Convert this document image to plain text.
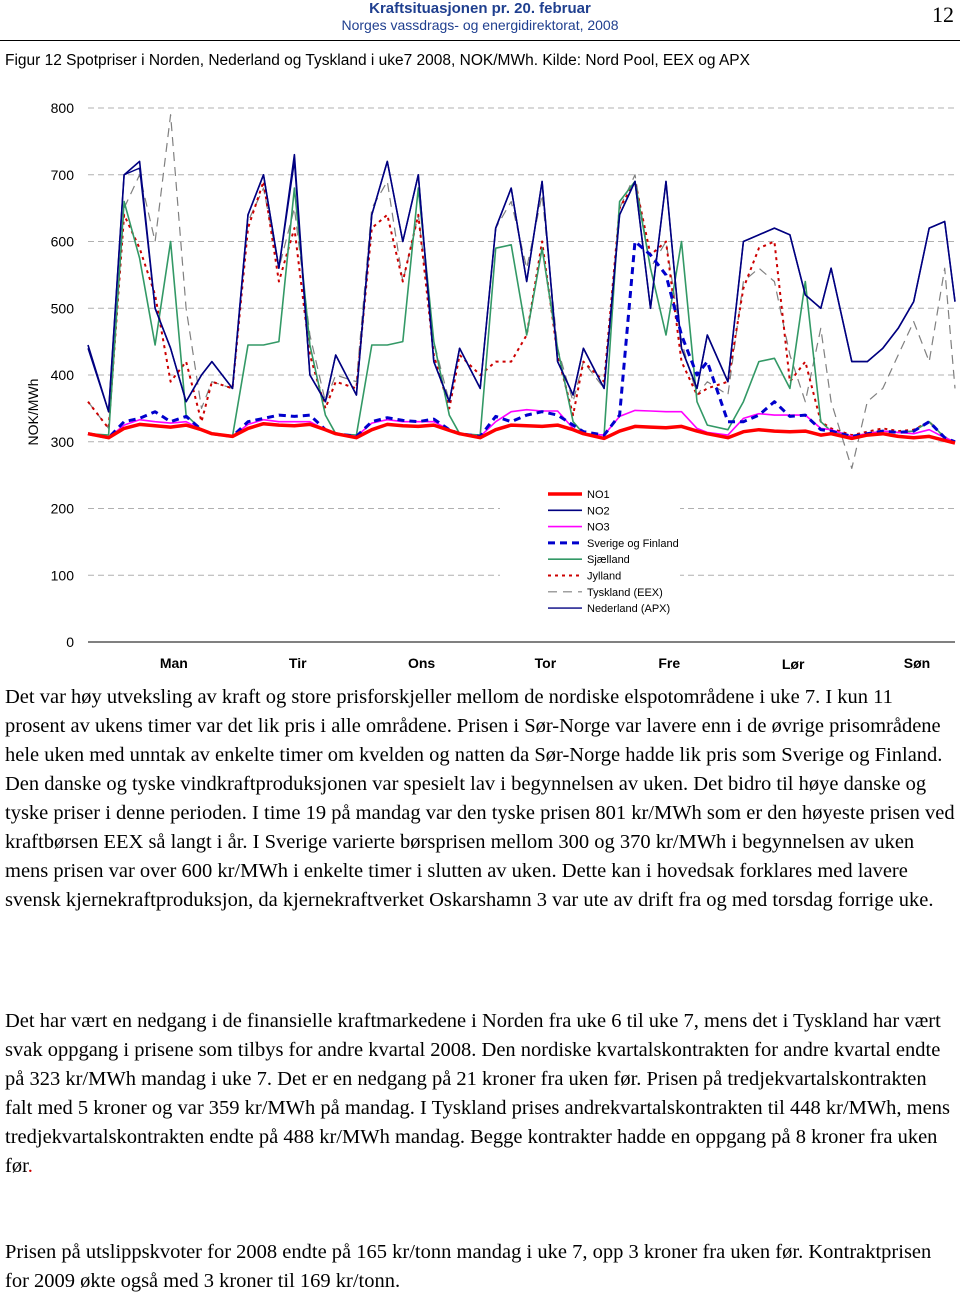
Kraftsituasjonen pr. 20. februar
Norges vassdrags- og energidirektorat, 2008	12
Figur 12 Spotpriser i Norden, Nederland og Tyskland i uke7 2008, NOK/MWh. Kilde: Nord Pool, EEX og APX
0
100
200
300
400
500
600
700
800
NOK/MWh
Man	Tir	Ons	Tor	Fre	Lør	Søn
NO1
NO2
NO3
Sverige og Finland
Sjælland
Jylland
Tyskland (EEX)
Nederland (APX)

Det var høy utveksling av kraft og store prisforskjeller mellom de nordiske elspotområdene i uke 7. I kun 11 prosent av ukens timer var det lik pris i alle områdene. Prisen i Sør-Norge var lavere enn i de øvrige prisområdene hele uken med unntak av enkelte timer om kvelden og natten da Sør-Norge hadde lik pris som Sverige og Finland. Den danske og tyske vindkraftproduksjonen var spesielt lav i begynnelsen av uken. Det bidro til høye danske og tyske priser i denne perioden. I time 19 på mandag var den tyske prisen 801 kr/MWh som er den høyeste prisen ved kraftbørsen EEX så langt i år. I Sverige varierte børsprisen mellom 300 og 370 kr/MWh i begynnelsen av uken mens prisen var over 600 kr/MWh i enkelte timer i slutten av uken. Dette kan i hovedsak forklares med lavere svensk kjernekraftproduksjon, da kjernekraftverket Oskarshamn 3 var ute av drift fra og med torsdag forrige uke.

Det har vært en nedgang i de finansielle kraftmarkedene i Norden fra uke 6 til uke 7, mens det i Tyskland har vært svak oppgang i prisene som tilbys for andre kvartal 2008. Den nordiske kvartalskontrakten for andre kvartal endte på 323 kr/MWh mandag i uke 7. Det er en nedgang på 21 kroner fra uken før. Prisen på tredjekvartalskontrakten falt med 5 kroner og var 359 kr/MWh på mandag. I Tyskland prises andrekvartalskontrakten til 448 kr/MWh, mens tredjekvartalskontrakten endte på 488 kr/MWh mandag. Begge kontrakter hadde en oppgang på 8 kroner fra uken før.

Prisen på utslippskvoter for 2008 endte på 165 kr/tonn mandag i uke 7, opp 3 kroner fra uken før. Kontraktprisen for 2009 økte også med 3 kroner til 169 kr/tonn.
